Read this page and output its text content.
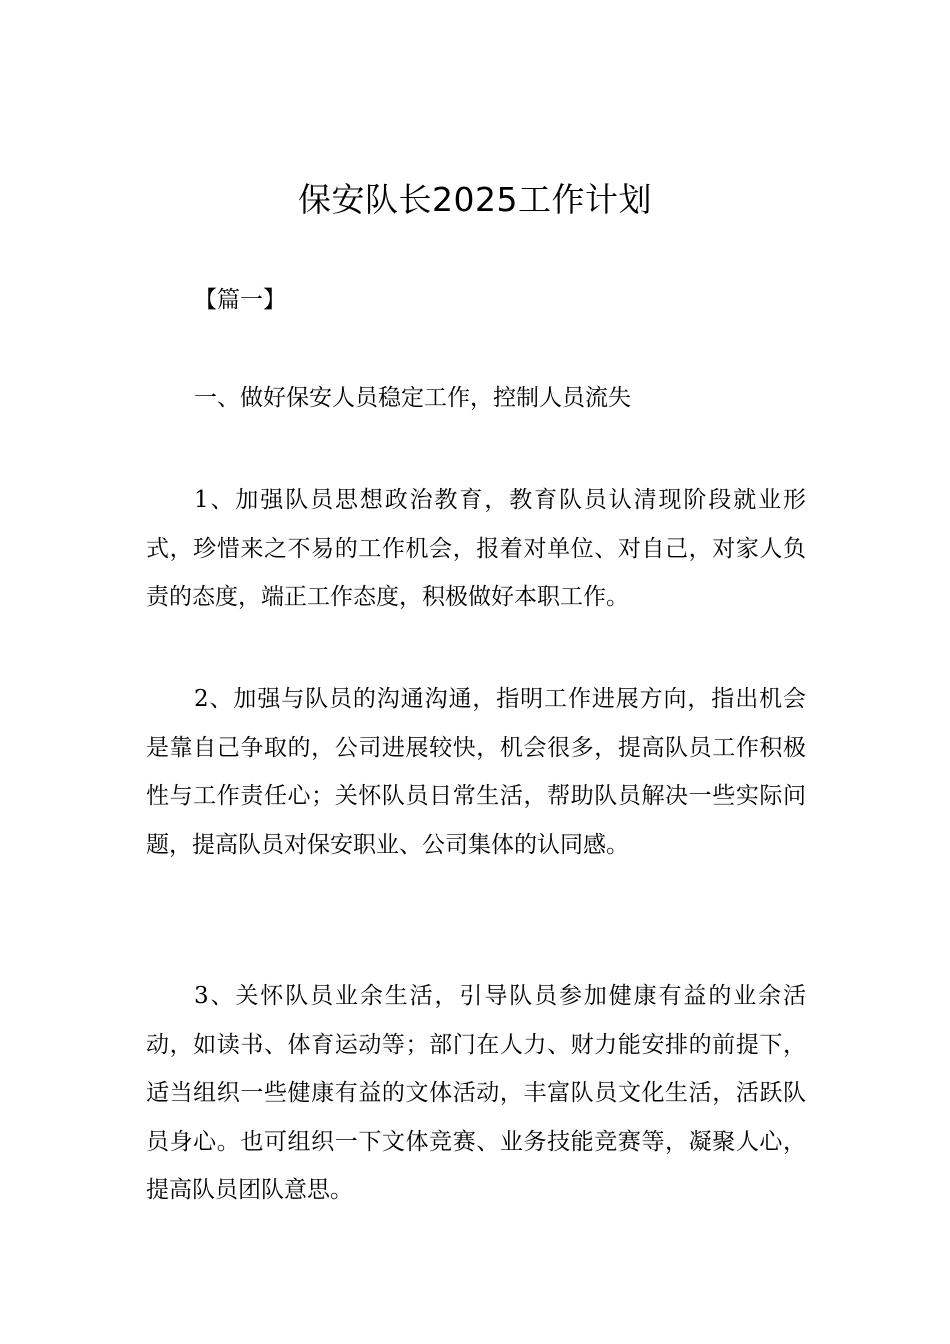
保安队长2025工作计划

【篇一】

一、做好保安人员稳定工作，控制人员流失

1、加强队员思想政治教育，教育队员认清现阶段就业形式，珍惜来之不易的工作机会，报着对单位、对自己，对家人负责的态度，端正工作态度，积极做好本职工作。

2、加强与队员的沟通沟通，指明工作进展方向，指出机会是靠自己争取的，公司进展较快，机会很多，提高队员工作积极性与工作责任心；关怀队员日常生活，帮助队员解决一些实际问题，提高队员对保安职业、公司集体的认同感。

3、关怀队员业余生活，引导队员参加健康有益的业余活动，如读书、体育运动等；部门在人力、财力能安排的前提下，适当组织一些健康有益的文体活动，丰富队员文化生活，活跃队员身心。也可组织一下文体竞赛、业务技能竞赛等，凝聚人心，提高队员团队意思。
